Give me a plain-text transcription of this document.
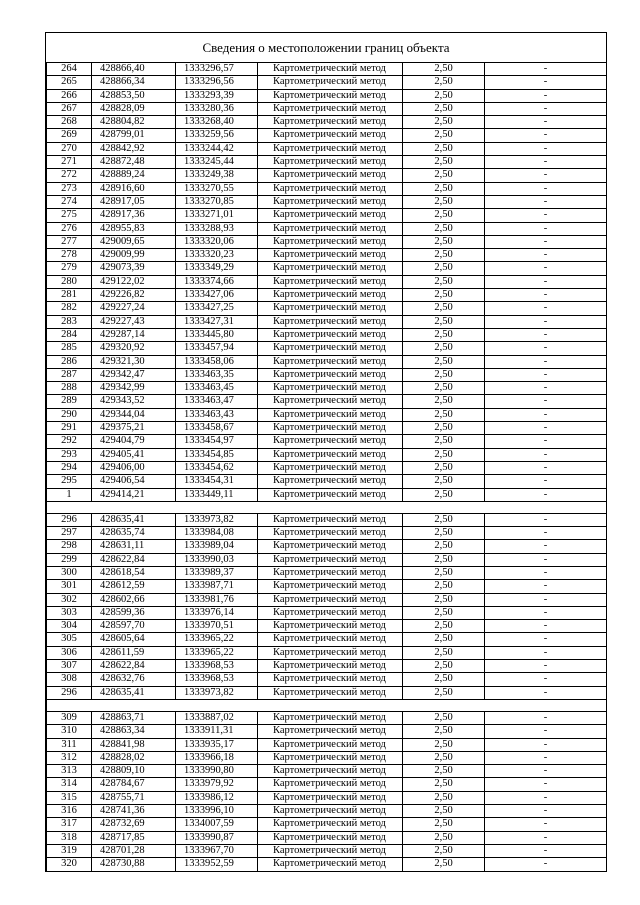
Сведения о местоположении границ объекта
264	428866,40	1333296,57	Картометрический метод	2,50	-
265	428866,34	1333296,56	Картометрический метод	2,50	-
266	428853,50	1333293,39	Картометрический метод	2,50	-
267	428828,09	1333280,36	Картометрический метод	2,50	-
268	428804,82	1333268,40	Картометрический метод	2,50	-
269	428799,01	1333259,56	Картометрический метод	2,50	-
270	428842,92	1333244,42	Картометрический метод	2,50	-
271	428872,48	1333245,44	Картометрический метод	2,50	-
272	428889,24	1333249,38	Картометрический метод	2,50	-
273	428916,60	1333270,55	Картометрический метод	2,50	-
274	428917,05	1333270,85	Картометрический метод	2,50	-
275	428917,36	1333271,01	Картометрический метод	2,50	-
276	428955,83	1333288,93	Картометрический метод	2,50	-
277	429009,65	1333320,06	Картометрический метод	2,50	-
278	429009,99	1333320,23	Картометрический метод	2,50	-
279	429073,39	1333349,29	Картометрический метод	2,50	-
280	429122,02	1333374,66	Картометрический метод	2,50	-
281	429226,82	1333427,06	Картометрический метод	2,50	-
282	429227,24	1333427,25	Картометрический метод	2,50	-
283	429227,43	1333427,31	Картометрический метод	2,50	-
284	429287,14	1333445,80	Картометрический метод	2,50	-
285	429320,92	1333457,94	Картометрический метод	2,50	-
286	429321,30	1333458,06	Картометрический метод	2,50	-
287	429342,47	1333463,35	Картометрический метод	2,50	-
288	429342,99	1333463,45	Картометрический метод	2,50	-
289	429343,52	1333463,47	Картометрический метод	2,50	-
290	429344,04	1333463,43	Картометрический метод	2,50	-
291	429375,21	1333458,67	Картометрический метод	2,50	-
292	429404,79	1333454,97	Картометрический метод	2,50	-
293	429405,41	1333454,85	Картометрический метод	2,50	-
294	429406,00	1333454,62	Картометрический метод	2,50	-
295	429406,54	1333454,31	Картометрический метод	2,50	-
1	429414,21	1333449,11	Картометрический метод	2,50	-

296	428635,41	1333973,82	Картометрический метод	2,50	-
297	428635,74	1333984,08	Картометрический метод	2,50	-
298	428631,11	1333989,04	Картометрический метод	2,50	-
299	428622,84	1333990,03	Картометрический метод	2,50	-
300	428618,54	1333989,37	Картометрический метод	2,50	-
301	428612,59	1333987,71	Картометрический метод	2,50	-
302	428602,66	1333981,76	Картометрический метод	2,50	-
303	428599,36	1333976,14	Картометрический метод	2,50	-
304	428597,70	1333970,51	Картометрический метод	2,50	-
305	428605,64	1333965,22	Картометрический метод	2,50	-
306	428611,59	1333965,22	Картометрический метод	2,50	-
307	428622,84	1333968,53	Картометрический метод	2,50	-
308	428632,76	1333968,53	Картометрический метод	2,50	-
296	428635,41	1333973,82	Картометрический метод	2,50	-

309	428863,71	1333887,02	Картометрический метод	2,50	-
310	428863,34	1333911,31	Картометрический метод	2,50	-
311	428841,98	1333935,17	Картометрический метод	2,50	-
312	428828,02	1333966,18	Картометрический метод	2,50	-
313	428809,10	1333990,80	Картометрический метод	2,50	-
314	428784,67	1333979,92	Картометрический метод	2,50	-
315	428755,71	1333986,12	Картометрический метод	2,50	-
316	428741,36	1333996,10	Картометрический метод	2,50	-
317	428732,69	1334007,59	Картометрический метод	2,50	-
318	428717,85	1333990,87	Картометрический метод	2,50	-
319	428701,28	1333967,70	Картометрический метод	2,50	-
320	428730,88	1333952,59	Картометрический метод	2,50	-
